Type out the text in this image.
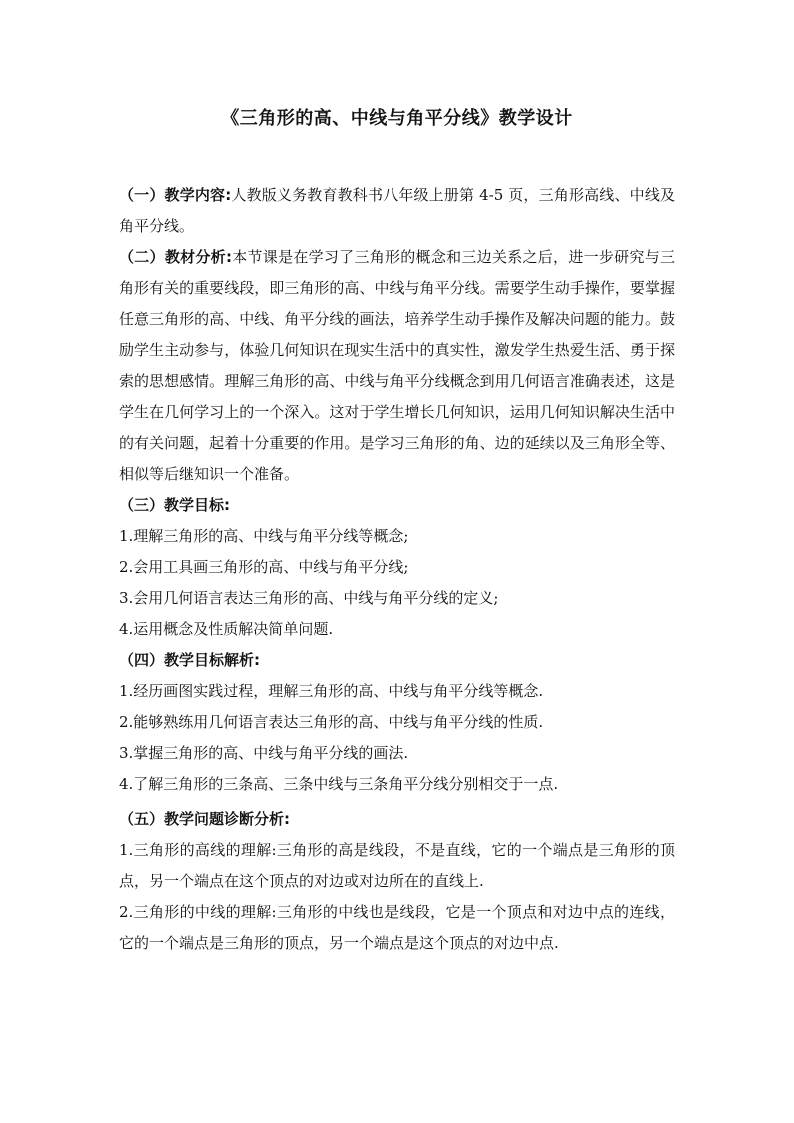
《三角形的高、中线与角平分线》教学设计

（一）教学内容:人教版义务教育教科书八年级上册第 4-5 页，三角形高线、中线及角平分线。

（二）教材分析:本节课是在学习了三角形的概念和三边关系之后，进一步研究与三角形有关的重要线段，即三角形的高、中线与角平分线。需要学生动手操作，要掌握任意三角形的高、中线、角平分线的画法，培养学生动手操作及解决问题的能力。鼓励学生主动参与，体验几何知识在现实生活中的真实性，激发学生热爱生活、勇于探索的思想感情。理解三角形的高、中线与角平分线概念到用几何语言准确表述，这是学生在几何学习上的一个深入。这对于学生增长几何知识，运用几何知识解决生活中的有关问题，起着十分重要的作用。是学习三角形的角、边的延续以及三角形全等、相似等后继知识一个准备。

（三）教学目标:

1.理解三角形的高、中线与角平分线等概念;

2.会用工具画三角形的高、中线与角平分线;

3.会用几何语言表达三角形的高、中线与角平分线的定义;

4.运用概念及性质解决简单问题.

（四）教学目标解析:

1.经历画图实践过程，理解三角形的高、中线与角平分线等概念.

2.能够熟练用几何语言表达三角形的高、中线与角平分线的性质.

3.掌握三角形的高、中线与角平分线的画法.

4.了解三角形的三条高、三条中线与三条角平分线分别相交于一点.

（五）教学问题诊断分析:

1.三角形的高线的理解:三角形的高是线段，不是直线，它的一个端点是三角形的顶点，另一个端点在这个顶点的对边或对边所在的直线上.

2.三角形的中线的理解:三角形的中线也是线段，它是一个顶点和对边中点的连线，它的一个端点是三角形的顶点，另一个端点是这个顶点的对边中点.
